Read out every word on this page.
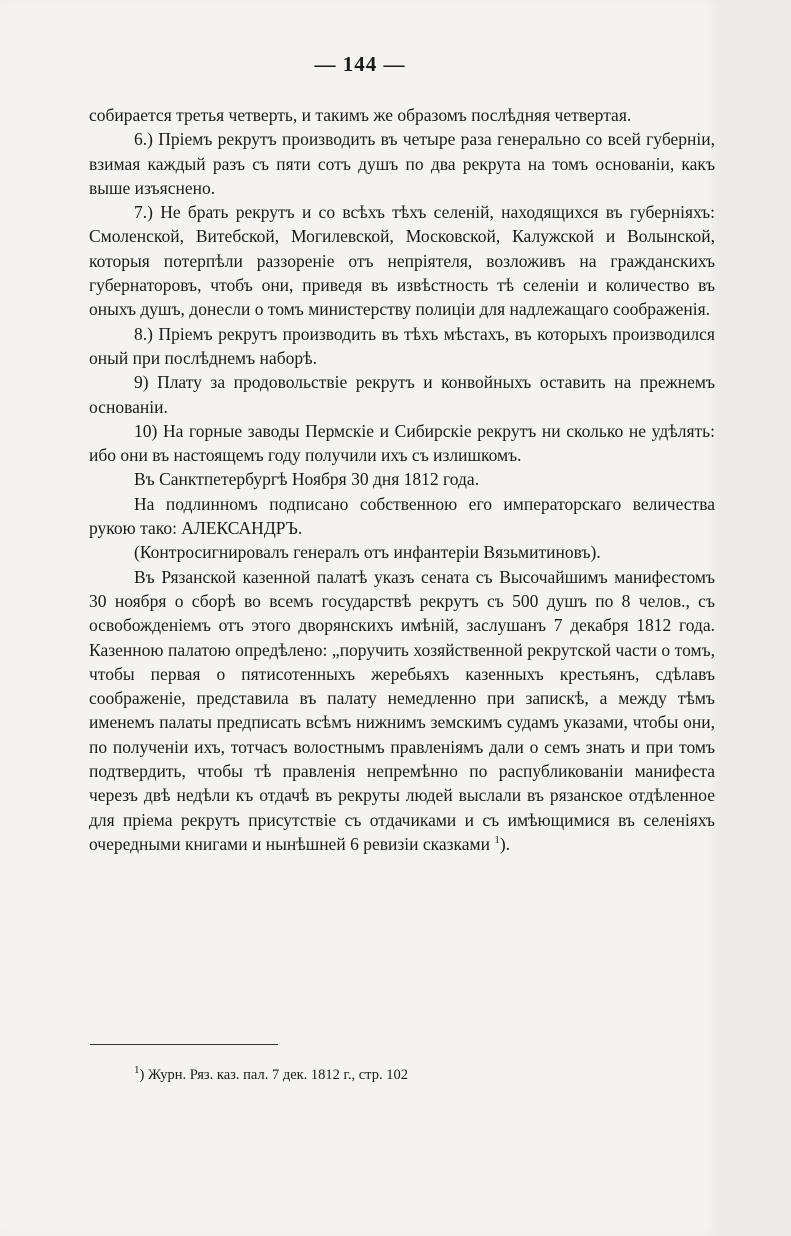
— 144 —

собирается третья четверть, и такимъ же образомъ послѣдняя четвертая.

6.) Пріемъ рекрутъ производить въ четыре раза генерально со всей губерніи, взимая каждый разъ съ пяти сотъ душъ по два рекрута на томъ основаніи, какъ выше изъяснено.

7.) Не брать рекрутъ и со всѣхъ тѣхъ селеній, находящихся въ губерніяхъ: Смоленской, Витебской, Могилевской, Московской, Калужской и Волынской, которыя потерпѣли раззореніе отъ непріятеля, возложивъ на гражданскихъ губернаторовъ, чтобъ они, приведя въ извѣстность тѣ селеніи и количество въ оныхъ душъ, донесли о томъ министерству полиціи для надлежащаго соображенія.

8.) Пріемъ рекрутъ производить въ тѣхъ мѣстахъ, въ которыхъ производился оный при послѣднемъ наборѣ.

9) Плату за продовольствіе рекрутъ и конвойныхъ оставить на прежнемъ основаніи.

10) На горные заводы Пермскіе и Сибирскіе рекрутъ ни сколько не удѣлять: ибо они въ настоящемъ году получили ихъ съ излишкомъ.

Въ Санктпетербургѣ Ноября 30 дня 1812 года.

На подлинномъ подписано собственною его императорскаго величества рукою тако: АЛЕКСАНДРЪ.

(Контросигнировалъ генералъ отъ инфантеріи Вязьмитиновъ).

Въ Рязанской казенной палатѣ указъ сената съ Высочайшимъ манифестомъ 30 ноября о сборѣ во всемъ государствѣ рекрутъ съ 500 душъ по 8 челов., съ освобожденіемъ отъ этого дворянскихъ имѣній, заслушанъ 7 декабря 1812 года. Казенною палатою опредѣлено: „поручить хозяйственной рекрутской части о томъ, чтобы первая о пятисотенныхъ жеребьяхъ казенныхъ крестьянъ, сдѣлавъ соображеніе, представила въ палату немедленно при запискѣ, а между тѣмъ именемъ палаты предписать всѣмъ нижнимъ земскимъ судамъ указами, чтобы они, по полученіи ихъ, тотчасъ волостнымъ правленіямъ дали о семъ знать и при томъ подтвердить, чтобы тѣ правленія непремѣнно по распубликованіи манифеста черезъ двѣ недѣли къ отдачѣ въ рекруты людей выслали въ рязанское отдѣленное для пріема рекрутъ присутствіе съ отдачиками и съ имѣющимися въ селеніяхъ очередными книгами и нынѣшней 6 ревизіи сказками $^1$).

$^1$) Журн. Ряз. каз. пал. 7 дек. 1812 г., стр. 102
